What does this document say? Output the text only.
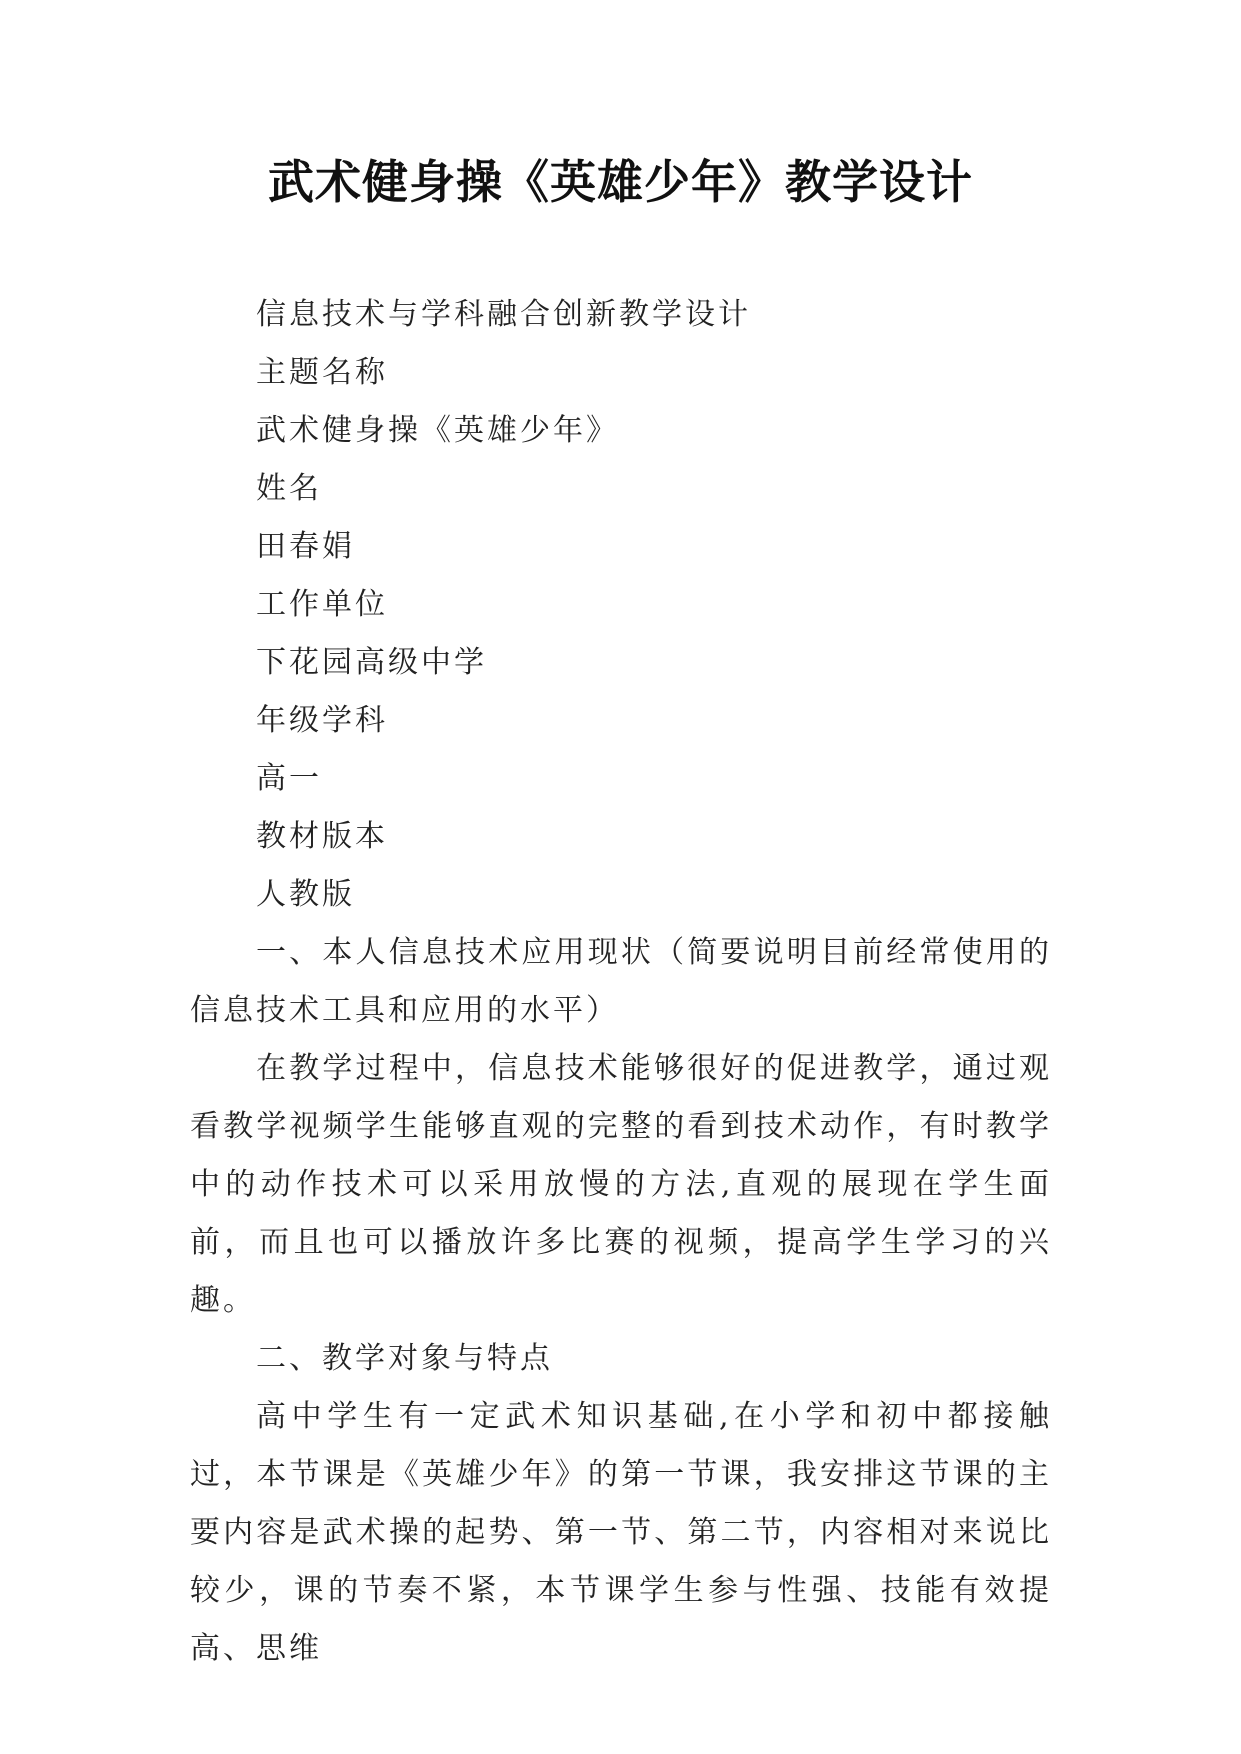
武术健身操《英雄少年》教学设计

信息技术与学科融合创新教学设计

主题名称

武术健身操《英雄少年》

姓名

田春娟

工作单位

下花园高级中学

年级学科

高一

教材版本

人教版

一、本人信息技术应用现状（简要说明目前经常使用的信息技术工具和应用的水平）

在教学过程中，信息技术能够很好的促进教学，通过观看教学视频学生能够直观的完整的看到技术动作，有时教学中的动作技术可以采用放慢的方法,直观的展现在学生面前，而且也可以播放许多比赛的视频，提高学生学习的兴趣。

二、教学对象与特点

高中学生有一定武术知识基础,在小学和初中都接触过，本节课是《英雄少年》的第一节课，我安排这节课的主要内容是武术操的起势、第一节、第二节，内容相对来说比较少，课的节奏不紧，本节课学生参与性强、技能有效提高、思维
